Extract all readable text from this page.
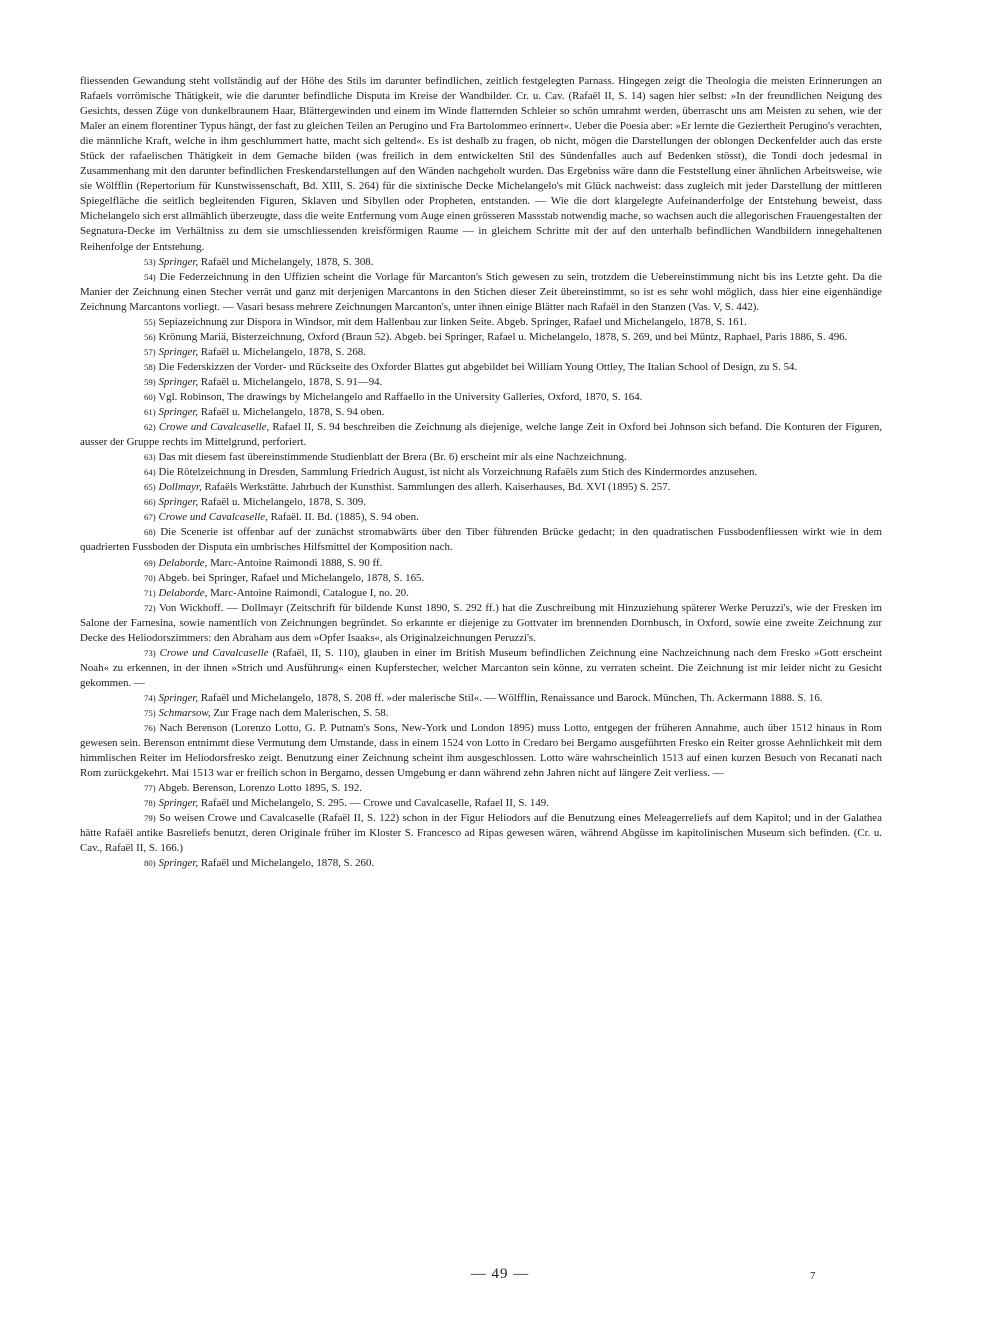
fliessenden Gewandung steht vollständig auf der Höhe des Stils im darunter befindlichen, zeitlich festgelegten Parnass. Hingegen zeigt die Theologia die meisten Erinnerungen an Rafaels vorrömische Thätigkeit, wie die darunter befindliche Disputa im Kreise der Wandbilder. Cr. u. Cav. (Rafaël II, S. 14) sagen hier selbst: »In der freundlichen Neigung des Gesichts, dessen Züge von dunkelbraunem Haar, Blättergewinden und einem im Winde flatternden Schleier so schön umrahmt werden, überrascht uns am Meisten zu sehen, wie der Maler an einem florentiner Typus hängt, der fast zu gleichen Teilen an Perugino und Fra Bartolommeo erinnert«. Ueber die Poesia aber: »Er lernte die Geziertheit Perugino's verachten, die männliche Kraft, welche in ihm geschlummert hatte, macht sich geltend«. Es ist deshalb zu fragen, ob nicht, mögen die Darstellungen der oblongen Deckenfelder auch das erste Stück der rafaelischen Thätigkeit in dem Gemache bilden (was freilich in dem entwickelten Stil des Sündenfalles auch auf Bedenken stösst), die Tondi doch jedesmal in Zusammenhang mit den darunter befindlichen Freskendarstellungen auf den Wänden nachgeholt wurden. Das Ergebniss wäre dann die Feststellung einer ähnlichen Arbeitsweise, wie sie Wölfflin (Repertorium für Kunstwissenschaft, Bd. XIII, S. 264) für die sixtinische Decke Michelangelo's mit Glück nachweist: dass zugleich mit jeder Darstellung der mittleren Spiegelfläche die seitlich begleitenden Figuren, Sklaven und Sibyllen oder Propheten, entstanden. — Wie die dort klargelegte Aufeinanderfolge der Entstehung beweist, dass Michelangelo sich erst allmählich überzeugte, dass die weite Entfernung vom Auge einen grösseren Massstab notwendig mache, so wachsen auch die allegorischen Frauengestalten der Segnatura-Decke im Verhältniss zu dem sie umschliessenden kreisförmigen Raume — in gleichem Schritte mit der auf den unterhalb befindlichen Wandbildern innegehaltenen Reihenfolge der Entstehung.

53) Springer, Rafaël und Michelangely, 1878, S. 308.

54) Die Federzeichnung in den Uffizien scheint die Vorlage für Marcanton's Stich gewesen zu sein, trotzdem die Uebereinstimmung nicht bis ins Letzte geht. Da die Manier der Zeichnung einen Stecher verrät und ganz mit derjenigen Marcantons in den Stichen dieser Zeit übereinstimmt, so ist es sehr wohl möglich, dass hier eine eigenhändige Zeichnung Marcantons vorliegt. — Vasari besass mehrere Zeichnungen Marcanton's, unter ihnen einige Blätter nach Rafaël in den Stanzen (Vas. V, S. 442).

55) Sepiazeichnung zur Dispora in Windsor, mit dem Hallenbau zur linken Seite. Abgeb. Springer, Rafael und Michelangelo, 1878, S. 161.

56) Krönung Mariä, Bisterzeichnung, Oxford (Braun 52). Abgeb. bei Springer, Rafael u. Michelangelo, 1878, S. 269, und bei Müntz, Raphael, Paris 1886, S. 496.

57) Springer, Rafaël u. Michelangelo, 1878, S. 268.

58) Die Federskizzen der Vorder- und Rückseite des Oxforder Blattes gut abgebildet bei William Young Ottley, The Italian School of Design, zu S. 54.

59) Springer, Rafaël u. Michelangelo, 1878, S. 91—94.

60) Vgl. Robinson, The drawings by Michelangelo and Raffaello in the University Galleries, Oxford, 1870, S. 164.

61) Springer, Rafaël u. Michelangelo, 1878, S. 94 oben.

62) Crowe und Cavalcaselle, Rafael II, S. 94 beschreiben die Zeichnung als diejenige, welche lange Zeit in Oxford bei Johnson sich befand. Die Konturen der Figuren, ausser der Gruppe rechts im Mittelgrund, perforiert.

63) Das mit diesem fast übereinstimmende Studienblatt der Brera (Br. 6) erscheint mir als eine Nachzeichnung.

64) Die Rötelzeichnung in Dresden, Sammlung Friedrich August, ist nicht als Vorzeichnung Rafaëls zum Stich des Kindermordes anzusehen.

65) Dollmayr, Rafaëls Werkstätte. Jahrbuch der Kunsthist. Sammlungen des allerh. Kaiserhauses, Bd. XVI (1895) S. 257.

66) Springer, Rafaël u. Michelangelo, 1878, S. 309.

67) Crowe und Cavalcaselle, Rafaël. II. Bd. (1885), S. 94 oben.

68) Die Scenerie ist offenbar auf der zunächst stromabwärts über den Tiber führenden Brücke gedacht; in den quadratischen Fussbodenfliessen wirkt wie in dem quadrierten Fussboden der Disputa ein umbrisches Hilfsmittel der Komposition nach.

69) Delaborde, Marc-Antoine Raimondi 1888, S. 90 ff.

70) Abgeb. bei Springer, Rafael und Michelangelo, 1878, S. 165.

71) Delaborde, Marc-Antoine Raimondi, Catalogue I, no. 20.

72) Von Wickhoff. — Dollmayr (Zeitschrift für bildende Kunst 1890, S. 292 ff.) hat die Zuschreibung mit Hinzuziehung späterer Werke Peruzzi's, wie der Fresken im Salone der Farnesina, sowie namentlich von Zeichnungen begründet. So erkannte er diejenige zu Gottvater im brennenden Dornbusch, in Oxford, sowie eine zweite Zeichnung zur Decke des Heliodorszimmers: den Abraham aus dem »Opfer Isaaks«, als Originalzeichnungen Peruzzi's.

73) Crowe und Cavalcaselle (Rafaël, II, S. 110), glauben in einer im British Museum befindlichen Zeichnung eine Nachzeichnung nach dem Fresko »Gott erscheint Noah« zu erkennen, in der ihnen »Strich und Ausführung« einen Kupferstecher, welcher Marcanton sein könne, zu verraten scheint. Die Zeichnung ist mir leider nicht zu Gesicht gekommen. —

74) Springer, Rafaël und Michelangelo, 1878, S. 208 ff. »der malerische Stil«. — Wölfflin, Renaissance und Barock. München, Th. Ackermann 1888. S. 16.

75) Schmarsow, Zur Frage nach dem Malerischen, S. 58.

76) Nach Berenson (Lorenzo Lotto, G. P. Putnam's Sons, New-York und London 1895) muss Lotto, entgegen der früheren Annahme, auch über 1512 hinaus in Rom gewesen sein. Berenson entnimmt diese Vermutung dem Umstande, dass in einem 1524 von Lotto in Credaro bei Bergamo ausgeführten Fresko ein Reiter grosse Aehnlichkeit mit dem himmlischen Reiter im Heliodorsfresko zeigt. Benutzung einer Zeichnung scheint ihm ausgeschlossen. Lotto wäre wahrscheinlich 1513 auf einen kurzen Besuch von Recanati nach Rom zurückgekehrt. Mai 1513 war er freilich schon in Bergamo, dessen Umgebung er dann während zehn Jahren nicht auf längere Zeit verliess. —

77) Abgeb. Berenson, Lorenzo Lotto 1895, S. 192.

78) Springer, Rafaël und Michelangelo, S. 295. — Crowe und Cavalcaselle, Rafael II, S. 149.

79) So weisen Crowe und Cavalcaselle (Rafaël II, S. 122) schon in der Figur Heliodors auf die Benutzung eines Meleagerreliefs auf dem Kapitol; und in der Galathea hätte Rafaël antike Basreliefs benutzt, deren Originale früher im Kloster S. Francesco ad Ripas gewesen wären, während Abgüsse im kapitolinischen Museum sich befinden. (Cr. u. Cav., Rafaël II, S. 166.)

80) Springer, Rafaël und Michelangelo, 1878, S. 260.

— 49 —	7
